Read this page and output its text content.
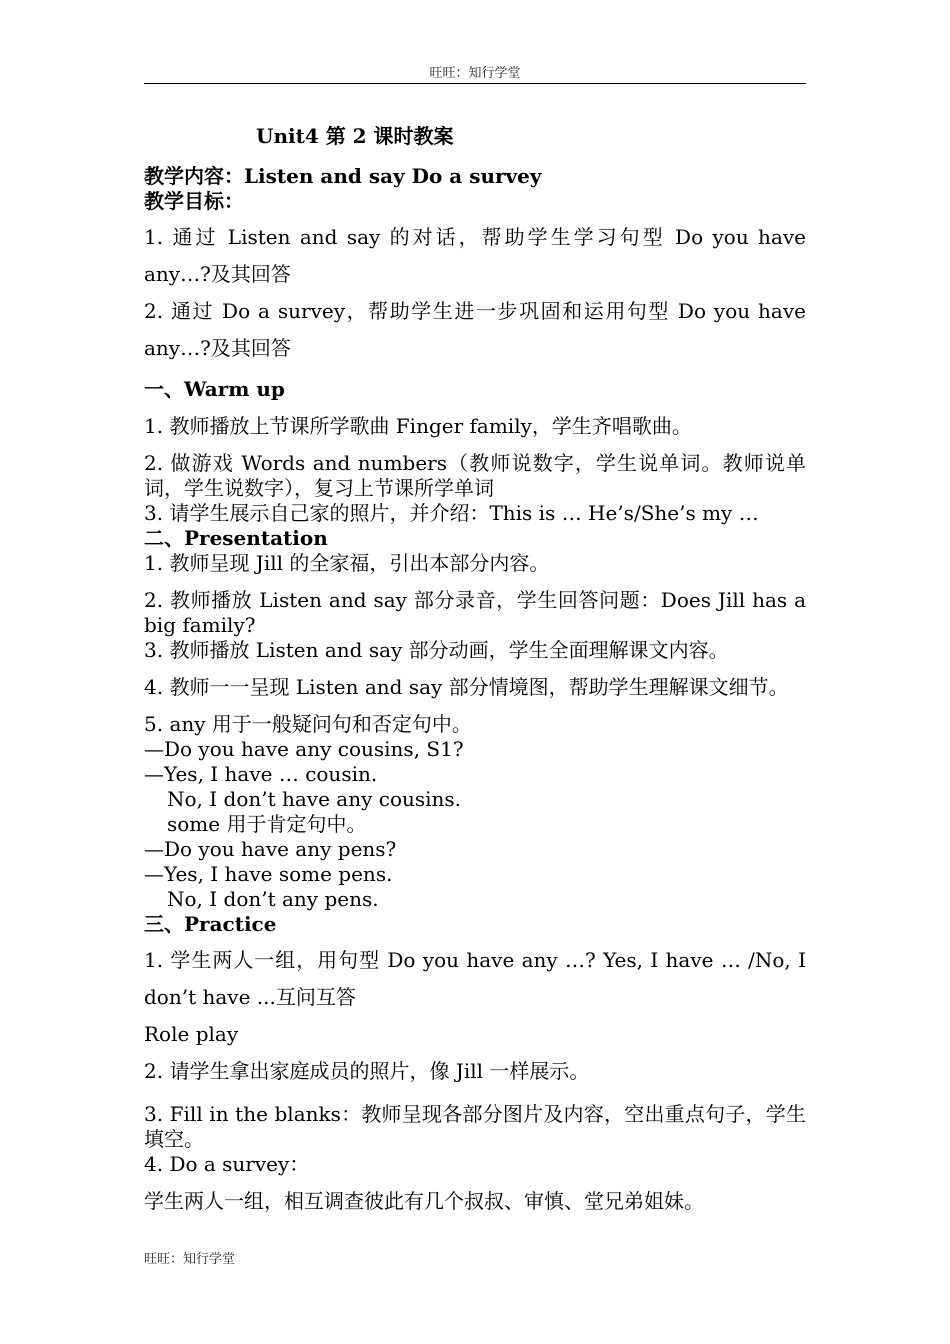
旺旺：知行学堂

Unit4 第 2 课时教案

教学内容：Listen and say Do a survey

教学目标：

1. 通过 Listen and say 的对话，帮助学生学习句型 Do you have any…?及其回答

2. 通过 Do a survey，帮助学生进一步巩固和运用句型 Do you have any…?及其回答

一、Warm up

1. 教师播放上节课所学歌曲 Finger family，学生齐唱歌曲。

2. 做游戏 Words and numbers（教师说数字，学生说单词。教师说单词，学生说数字），复习上节课所学单词

3. 请学生展示自己家的照片，并介绍：This is … He’s/She’s my …

二、Presentation

1. 教师呈现 Jill 的全家福，引出本部分内容。

2. 教师播放 Listen and say 部分录音，学生回答问题：Does Jill has a big family?

3. 教师播放 Listen and say 部分动画，学生全面理解课文内容。

4. 教师一一呈现 Listen and say 部分情境图，帮助学生理解课文细节。

5. any 用于一般疑问句和否定句中。

—Do you have any cousins, S1?

—Yes, I have … cousin.

No, I don’t have any cousins.

some 用于肯定句中。

—Do you have any pens?

—Yes, I have some pens.

No, I don’t any pens.

三、Practice

1. 学生两人一组，用句型 Do you have any …? Yes, I have … /No, I don’t have ...互问互答

Role play

2. 请学生拿出家庭成员的照片，像 Jill 一样展示。

3. Fill in the blanks：教师呈现各部分图片及内容，空出重点句子，学生填空。

4. Do a survey：

学生两人一组，相互调查彼此有几个叔叔、审慎、堂兄弟姐妹。

旺旺：知行学堂
